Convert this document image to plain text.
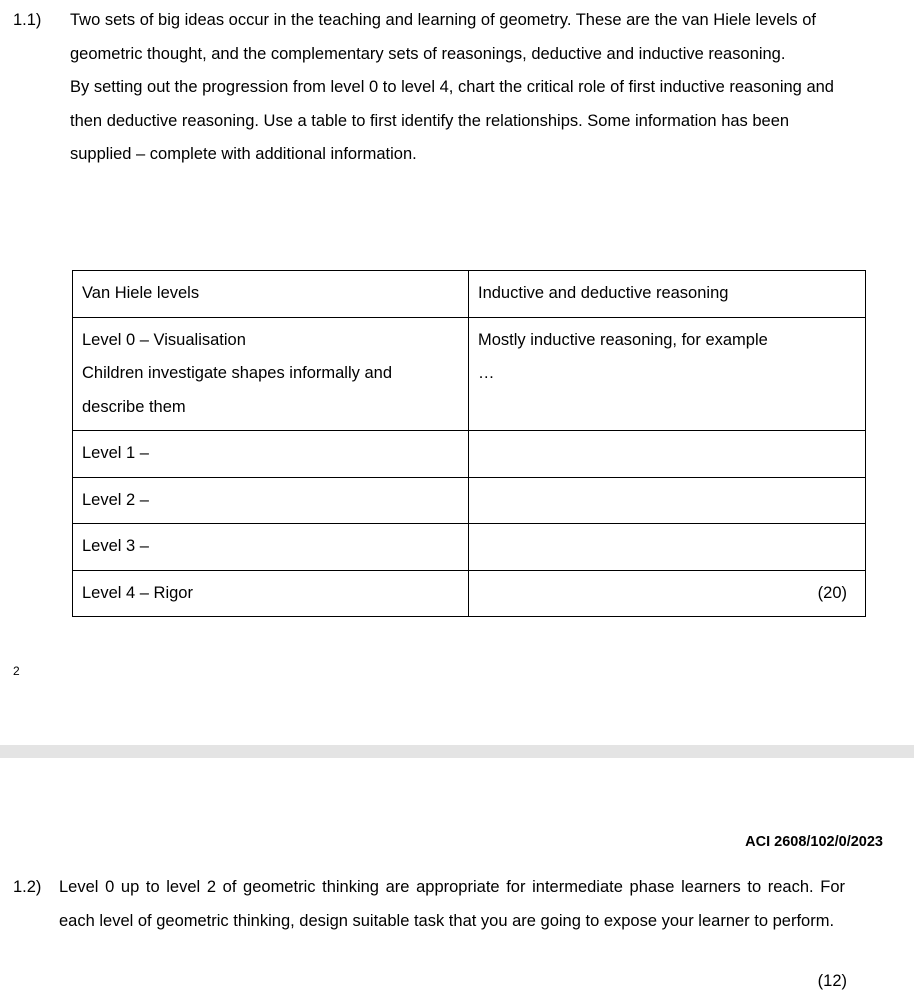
1.1)	Two sets of big ideas occur in the teaching and learning of geometry. These are the van Hiele levels of geometric thought, and the complementary sets of reasonings, deductive and inductive reasoning.

By setting out the progression from level 0 to level 4, chart the critical role of first inductive reasoning and then deductive reasoning. Use a table to first identify the relationships. Some information has been supplied – complete with additional information.

Van Hiele levels	Inductive and deductive reasoning

Level 0 – Visualisation
Children investigate shapes informally and
describe them	Mostly inductive reasoning, for example
…

Level 1 –	
Level 2 –	
Level 3 –	
Level 4 – Rigor		(20)
2
ACI 2608/102/0/2023
1.2)	Level 0 up to level 2 of geometric thinking are appropriate for intermediate phase learners to reach. For each level of geometric thinking, design suitable task that you are going to expose your learner to perform.

(12)
